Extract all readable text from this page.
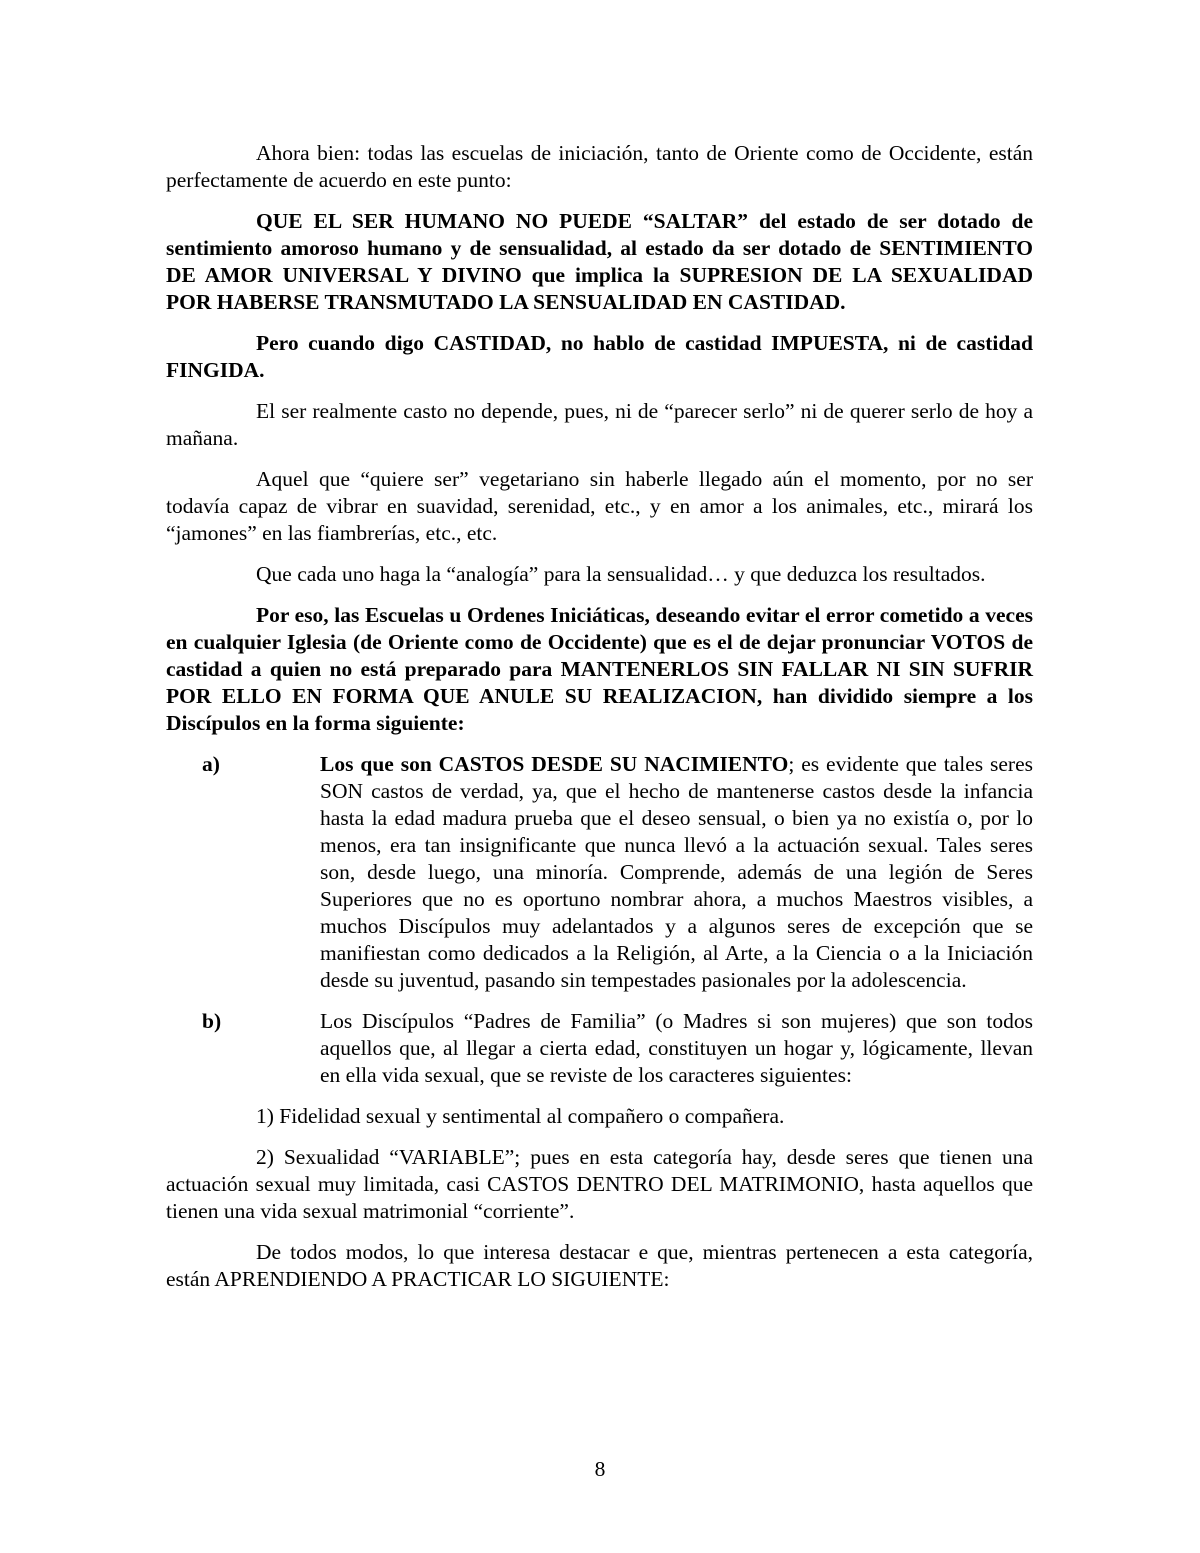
Ahora bien: todas las escuelas de iniciación, tanto de Oriente como de Occidente, están perfectamente de acuerdo en este punto:

QUE EL SER HUMANO NO PUEDE “SALTAR” del estado de ser dotado de sentimiento amoroso humano y de sensualidad, al estado da ser dotado de SENTIMIENTO DE AMOR UNIVERSAL Y DIVINO que implica la SUPRESION DE LA SEXUALIDAD POR HABERSE TRANSMUTADO LA SENSUALIDAD EN CASTIDAD.

Pero cuando digo CASTIDAD, no hablo de castidad IMPUESTA, ni de castidad FINGIDA.

El ser realmente casto no depende, pues, ni de “parecer serlo” ni de querer serlo de hoy a mañana.

Aquel que “quiere ser” vegetariano sin haberle llegado aún el momento, por no ser todavía capaz de vibrar en suavidad, serenidad, etc., y en amor a los animales, etc., mirará los “jamones” en las fiambrerías, etc., etc.

Que cada uno haga la “analogía” para la sensualidad… y que deduzca los resultados.

Por eso, las Escuelas u Ordenes Iniciáticas, deseando evitar el error cometido a veces en cualquier Iglesia (de Oriente como de Occidente) que es el de dejar pronunciar VOTOS de castidad a quien no está preparado para MANTENERLOS SIN FALLAR NI SIN SUFRIR POR ELLO EN FORMA QUE ANULE SU REALIZACION, han dividido siempre a los Discípulos en la forma siguiente:

a)	Los que son CASTOS DESDE SU NACIMIENTO; es evidente que tales seres SON castos de verdad, ya, que el hecho de mantenerse castos desde la infancia hasta la edad madura prueba que el deseo sensual, o bien ya no existía o, por lo menos, era tan insignificante que nunca llevó a la actuación sexual. Tales seres son, desde luego, una minoría. Comprende, además de una legión de Seres Superiores que no es oportuno nombrar ahora, a muchos Maestros visibles, a muchos Discípulos muy adelantados y a algunos seres de excepción que se manifiestan como dedicados a la Religión, al Arte, a la Ciencia o a la Iniciación desde su juventud, pasando sin tempestades pasionales por la adolescencia.
b)	Los Discípulos “Padres de Familia” (o Madres si son mujeres) que son todos aquellos que, al llegar a cierta edad, constituyen un hogar y, lógicamente, llevan en ella vida sexual, que se reviste de los caracteres siguientes:

1) Fidelidad sexual y sentimental al compañero o compañera.

2) Sexualidad “VARIABLE”; pues en esta categoría hay, desde seres que tienen una actuación sexual muy limitada, casi CASTOS DENTRO DEL MATRIMONIO, hasta aquellos que tienen una vida sexual matrimonial “corriente”.

De todos modos, lo que interesa destacar e que, mientras pertenecen a esta categoría, están APRENDIENDO A PRACTICAR LO SIGUIENTE:

8
